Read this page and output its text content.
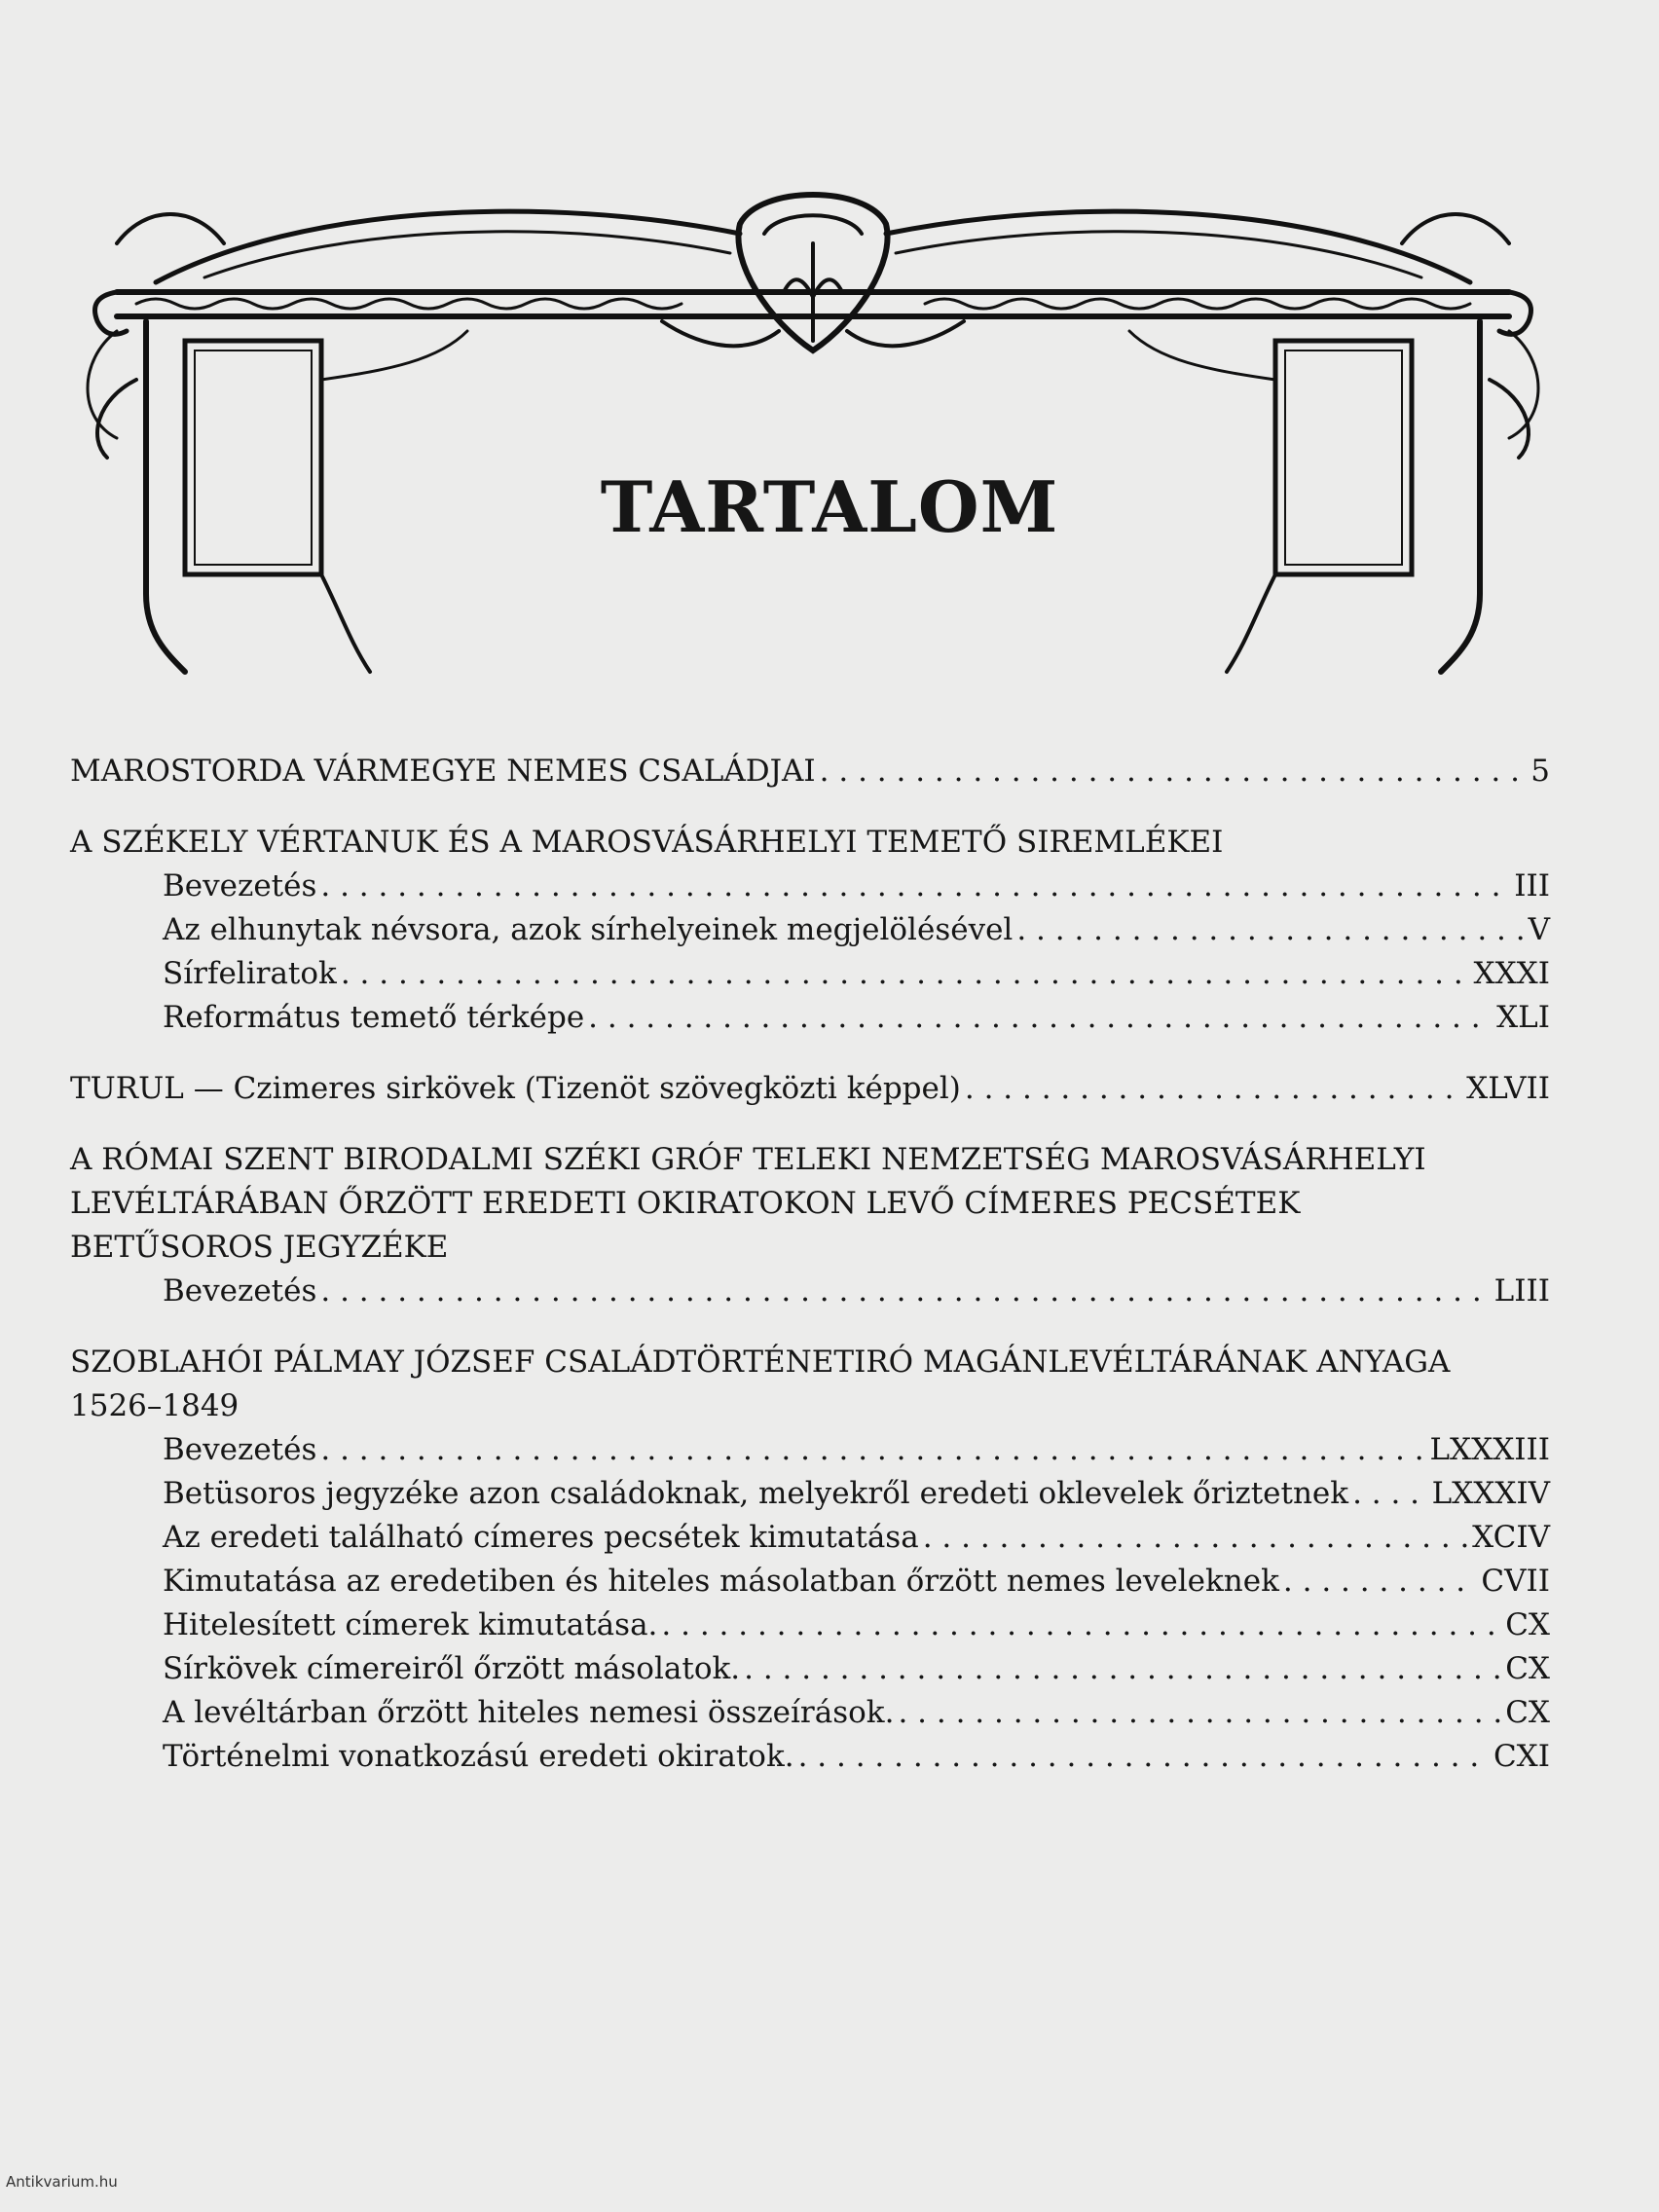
TARTALOM
MAROSTORDA VÁRMEGYE NEMES CSALÁDJAI . . .	5
A SZÉKELY VÉRTANUK ÉS A MAROSVÁSÁRHELYI TEMETŐ SIREMLÉKEI
Bevezetés . . .	III
Az elhunytak névsora, azok sírhelyeinek megjelölésével . . .	V
Sírfeliratok . . .	XXXI
Református temető térképe . . .	XLI
TURUL — Czimeres sirkövek (Tizenöt szövegközti képpel) . . .	XLVII
A RÓMAI SZENT BIRODALMI SZÉKI GRÓF TELEKI NEMZETSÉG MAROSVÁSÁRHELYI
LEVÉLTÁRÁBAN ŐRZÖTT EREDETI OKIRATOKON LEVŐ CÍMERES PECSÉTEK
BETŰSOROS JEGYZÉKE
Bevezetés . . .	LIII
SZOBLAHÓI PÁLMAY JÓZSEF CSALÁDTÖRTÉNETIRÓ MAGÁNLEVÉLTÁRÁNAK ANYAGA
1526–1849
Bevezetés . . .	LXXXIII
Betüsoros jegyzéke azon családoknak, melyekről eredeti oklevelek őriztetnek . . .	LXXXIV
Az eredeti található címeres pecsétek kimutatása . . .	XCIV
Kimutatása az eredetiben és hiteles másolatban őrzött nemes leveleknek . . .	CVII
Hitelesített címerek kimutatása. . . .	CX
Sírkövek címereiről őrzött másolatok. . . .	CX
A levéltárban őrzött hiteles nemesi összeírások. . . .	CX
Történelmi vonatkozású eredeti okiratok. . . .	CXI
Antikvarium.hu
